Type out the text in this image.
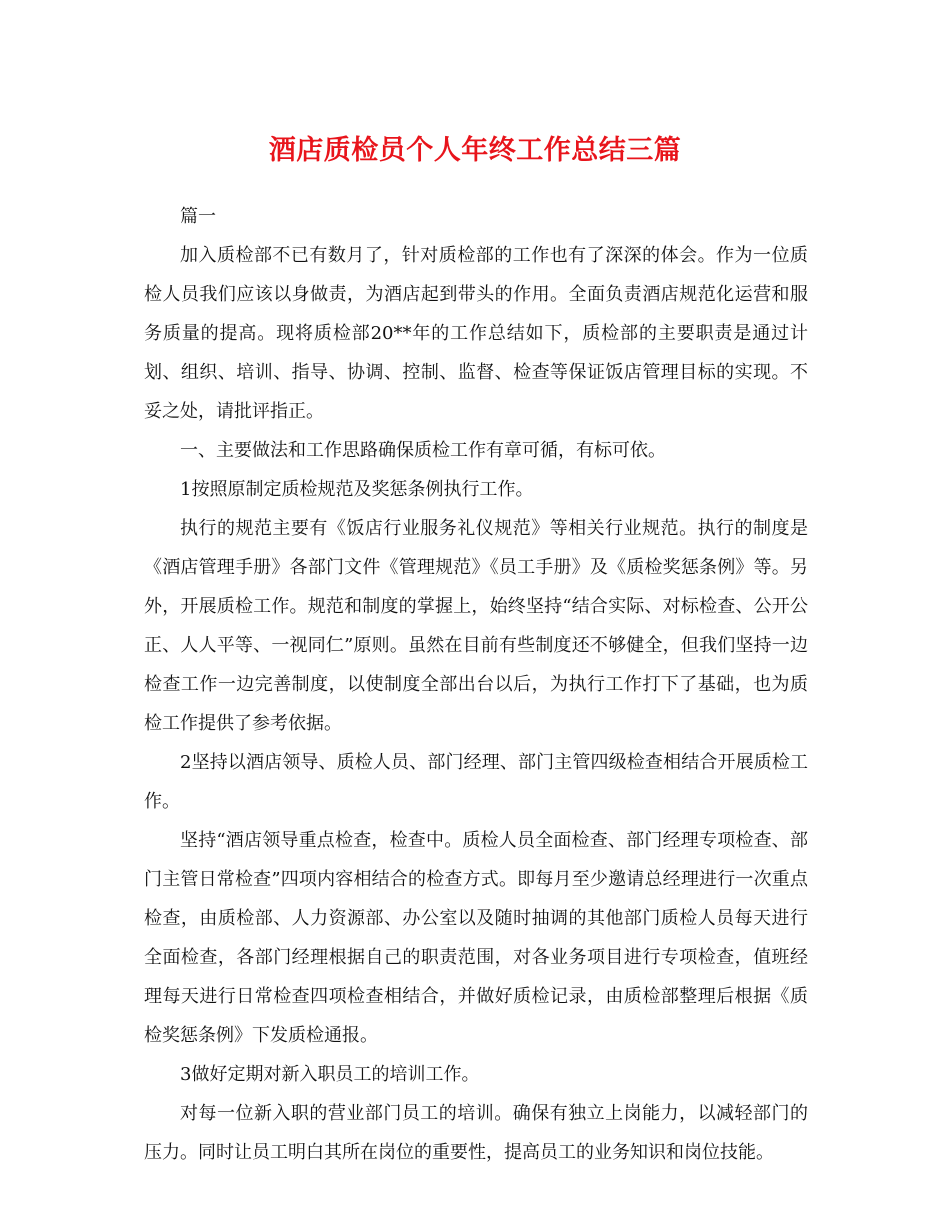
酒店质检员个人年终工作总结三篇

篇一

加入质检部不已有数月了，针对质检部的工作也有了深深的体会。作为一位质检人员我们应该以身做责，为酒店起到带头的作用。全面负责酒店规范化运营和服务质量的提高。现将质检部20**年的工作总结如下，质检部的主要职责是通过计划、组织、培训、指导、协调、控制、监督、检查等保证饭店管理目标的实现。不妥之处，请批评指正。

一、主要做法和工作思路确保质检工作有章可循，有标可依。

1按照原制定质检规范及奖惩条例执行工作。

执行的规范主要有《饭店行业服务礼仪规范》等相关行业规范。执行的制度是《酒店管理手册》各部门文件《管理规范》《员工手册》及《质检奖惩条例》等。另外，开展质检工作。规范和制度的掌握上，始终坚持“结合实际、对标检查、公开公正、人人平等、一视同仁”原则。虽然在目前有些制度还不够健全，但我们坚持一边检查工作一边完善制度，以使制度全部出台以后，为执行工作打下了基础，也为质检工作提供了参考依据。

2坚持以酒店领导、质检人员、部门经理、部门主管四级检查相结合开展质检工作。

坚持“酒店领导重点检查，检查中。质检人员全面检查、部门经理专项检查、部门主管日常检查”四项内容相结合的检查方式。即每月至少邀请总经理进行一次重点检查，由质检部、人力资源部、办公室以及随时抽调的其他部门质检人员每天进行全面检查，各部门经理根据自己的职责范围，对各业务项目进行专项检查，值班经理每天进行日常检查四项检查相结合，并做好质检记录，由质检部整理后根据《质检奖惩条例》下发质检通报。

3做好定期对新入职员工的培训工作。

对每一位新入职的营业部门员工的培训。确保有独立上岗能力，以减轻部门的压力。同时让员工明白其所在岗位的重要性，提高员工的业务知识和岗位技能。
